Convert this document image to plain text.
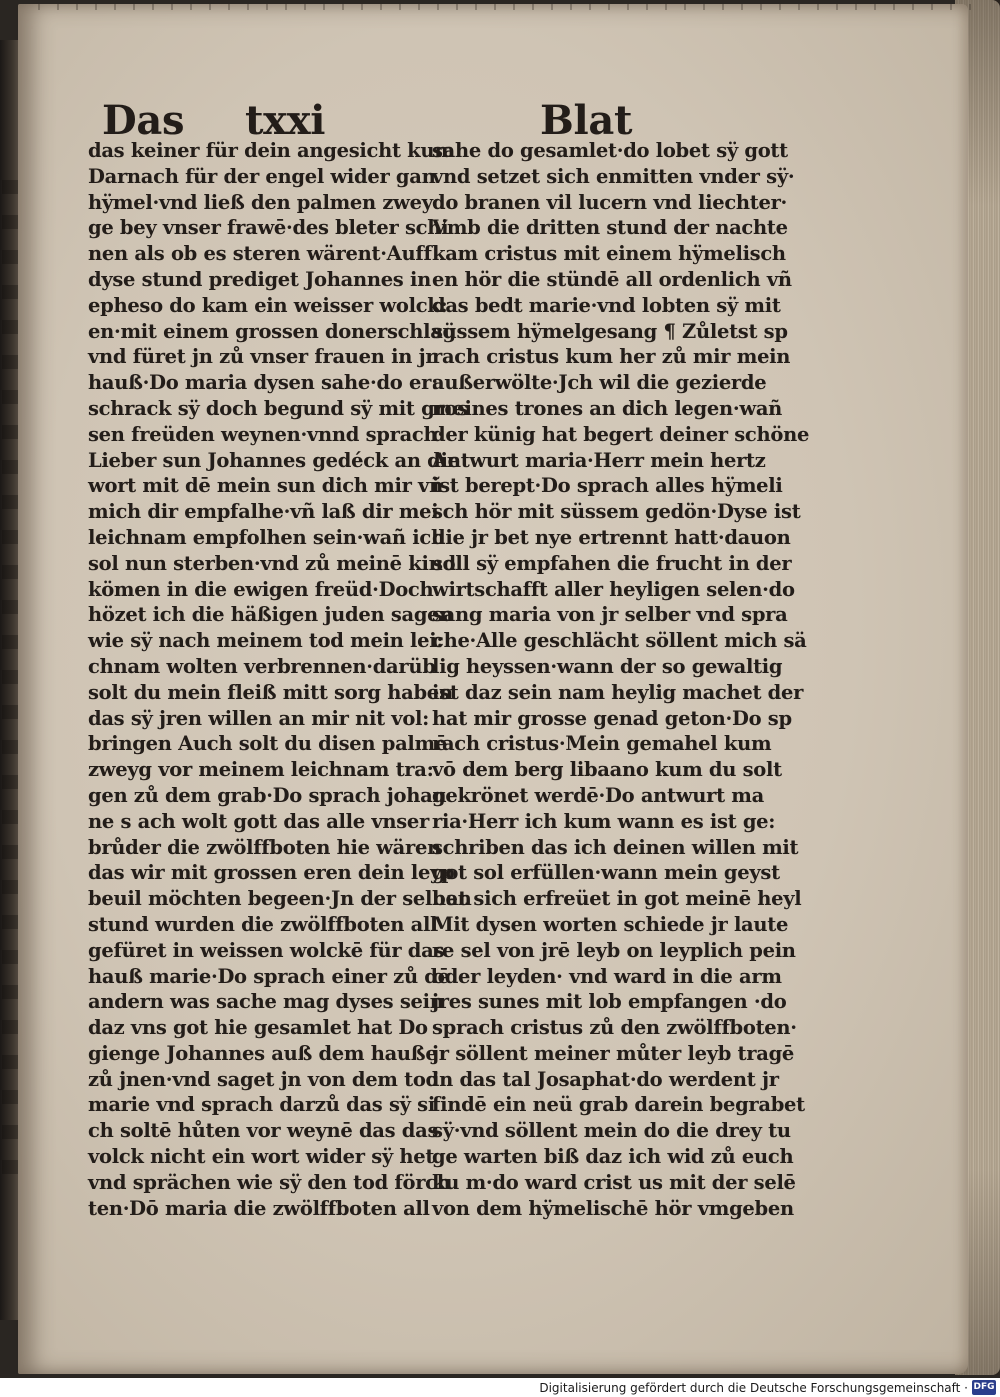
Das txxi	Blat
das keiner für dein angesicht kum
Darnach für der engel wider gan
hÿmel·vnd ließ den palmen zwey
ge bey vnser frawē·des bleter schi
nen als ob es steren wärent·Auff
dyse stund prediget Johannes in
epheso do kam ein weisser wolck:
en·mit einem grossen donerschlag·
vnd füret jn zů vnser frauen in jr
hauß·Do maria dysen sahe·do er:
schrack sÿ doch begund sÿ mit gros
sen freüden weynen·vnnd sprach·
Lieber sun Johannes gedéck an die
wort mit dē mein sun dich mir vñ
mich dir empfalhe·vñ laß dir mei
leichnam empfolhen sein·wañ ich
sol nun sterben·vnd zů meinē kind
kömen in die ewigen freüd·Doch
hözet ich die häßigen juden sagen
wie sÿ nach meinem tod mein lei:
chnam wolten verbrennen·darüb
solt du mein fleiß mitt sorg haben
das sÿ jren willen an mir nit vol:
bringen Auch solt du disen palmē
zweyg vor meinem leichnam tra:
gen zů dem grab·Do sprach johan
ne s ach wolt gott das alle vnser
brůder die zwölffboten hie wären
das wir mit grossen eren dein leyp
beuil möchten begeen·Jn der selben
stund wurden die zwölffboten all
gefüret in weissen wolckē für das
hauß marie·Do sprach einer zů dē
andern was sache mag dyses sein
daz vns got hie gesamlet hat Do
gienge Johannes auß dem hauße
zů jnen·vnd saget jn von dem tod
marie vnd sprach darzů das sÿ si
ch soltē hůten vor weynē das das
volck nicht ein wort wider sÿ het
vnd sprächen wie sÿ den tod förch
ten·Dō maria die zwölffboten all
sahe do gesamlet·do lobet sÿ gott
vnd setzet sich enmitten vnder sÿ·
do branen vil lucern vnd liechter·
Vmb die dritten stund der nachte
kam cristus mit einem hÿmelisch
en hör die stündē all ordenlich vñ
das bedt marie·vnd lobten sÿ mit
süssem hÿmelgesang ¶ Zůletst sp
rach cristus kum her zů mir mein
außerwölte·Jch wil die gezierde
meines trones an dich legen·wañ
der künig hat begert deiner schöne
Antwurt maria·Herr mein hertz
ist berept·Do sprach alles hÿmeli
sch hör mit süssem gedön·Dyse ist
die jr bet nye ertrennt hatt·dauon
soll sÿ empfahen die frucht in der
wirtschafft aller heyligen selen·do
sang maria von jr selber vnd spra
che·Alle geschlächt söllent mich sä
lig heyssen·wann der so gewaltig
ist daz sein nam heylig machet der
hat mir grosse genad geton·Do sp
rach cristus·Mein gemahel kum
vō dem berg libaano kum du solt
gekrönet werdē·Do antwurt ma
ria·Herr ich kum wann es ist ge:
schriben das ich deinen willen mit
got sol erfüllen·wann mein geyst
hat sich erfreüet in got meinē heyl
Mit dysen worten schiede jr laute
re sel von jrē leyb on leyplich pein
oder leyden· vnd ward in die arm
jres sunes mit lob empfangen ·do
sprach cristus zů den zwölffboten·
jr söllent meiner můter leyb tragē
in das tal Josaphat·do werdent jr
findē ein neü grab darein begrabet
sÿ·vnd söllent mein do die drey tu
ge warten biß daz ich wid zů euch
ku m·do ward crist us mit der selē
von dem hÿmelischē hör vmgeben
Digitalisierung gefördert durch die Deutsche Forschungsgemeinschaft · DFG
